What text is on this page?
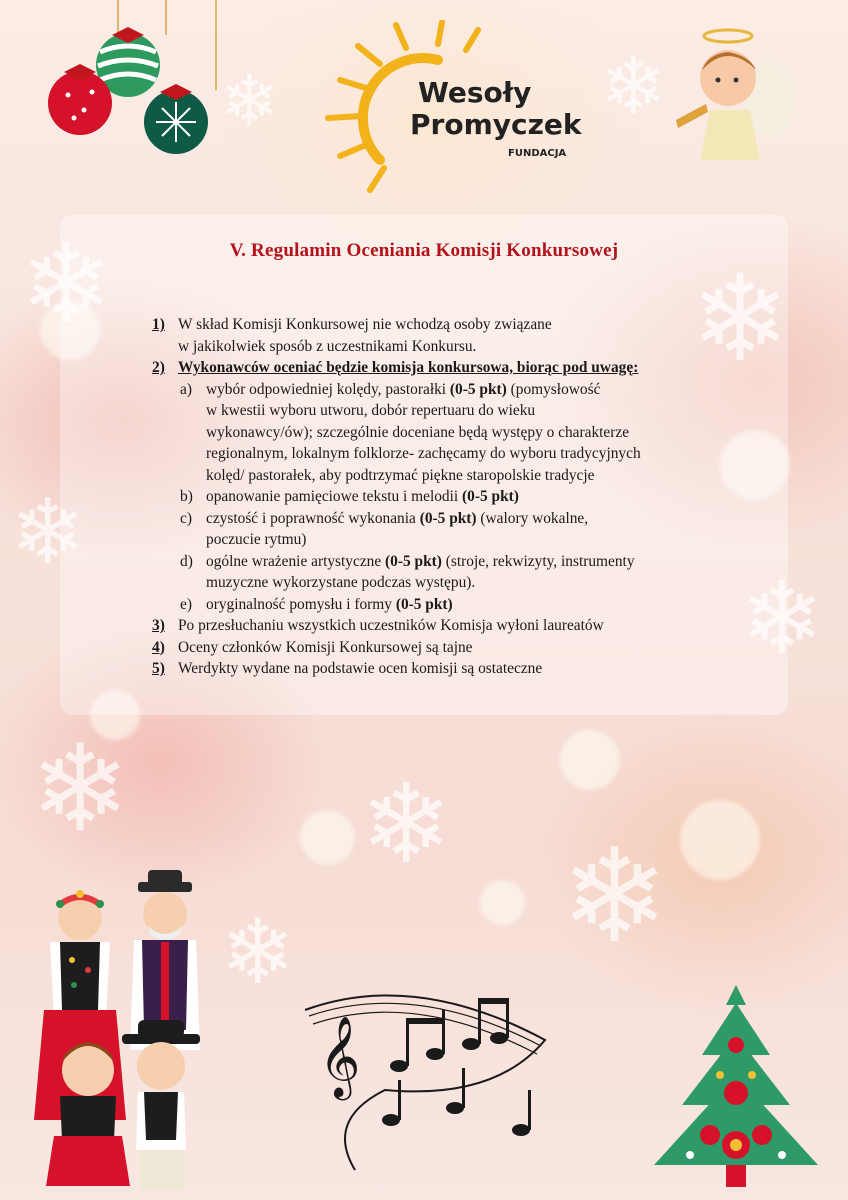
❄	❄
❄
❄
❄ ❄ ❄
❄
❄
❄	Wesoły
Promyczek
FUNDACJA
V. Regulamin Oceniania Komisji Konkursowej
1) W skład Komisji Konkursowej nie wchodzą osoby związane
w jakikolwiek sposób z uczestnikami Konkursu.
2) Wykonawców oceniać będzie komisja konkursowa, biorąc pod uwagę:
a) wybór odpowiedniej kolędy, pastorałki (0-5 pkt) (pomysłowość
w kwestii wyboru utworu, dobór repertuaru do wieku
wykonawcy/ów); szczególnie doceniane będą występy o charakterze
regionalnym, lokalnym folklorze- zachęcamy do wyboru tradycyjnych
kolęd/ pastorałek, aby podtrzymać piękne staropolskie tradycje
b) opanowanie pamięciowe tekstu i melodii (0-5 pkt)
c) czystość i poprawność wykonania (0-5 pkt) (walory wokalne,
poczucie rytmu)
d) ogólne wrażenie artystyczne (0-5 pkt) (stroje, rekwizyty, instrumenty
muzyczne wykorzystane podczas występu).
e) oryginalność pomysłu i formy (0-5 pkt)
3) Po przesłuchaniu wszystkich uczestników Komisja wyłoni laureatów
4) Oceny członków Komisji Konkursowej są tajne
5) Werdykty wydane na podstawie ocen komisji są ostateczne
𝄞
